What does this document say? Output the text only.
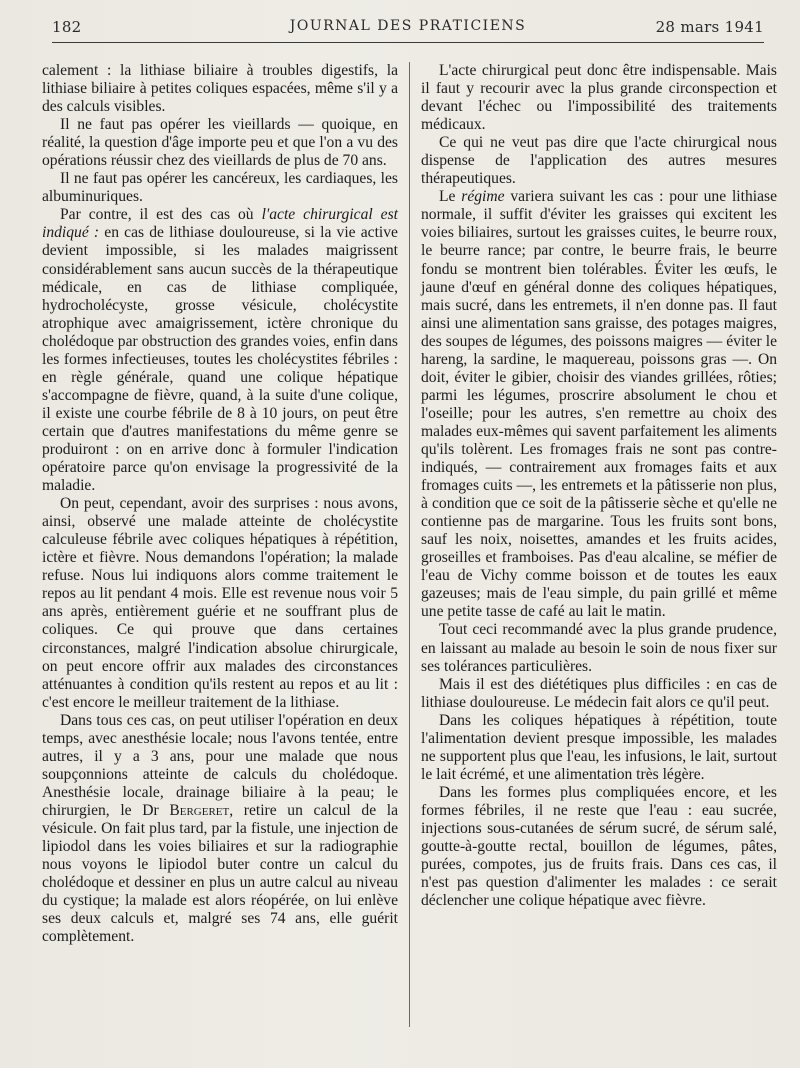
182	JOURNAL DES PRATICIENS	28 mars 1941

calement : la lithiase biliaire à troubles digestifs, la lithiase biliaire à petites coliques espacées, même s'il y a des calculs visibles.

Il ne faut pas opérer les vieillards — quoique, en réalité, la question d'âge importe peu et que l'on a vu des opérations réussir chez des vieillards de plus de 70 ans.

Il ne faut pas opérer les cancéreux, les cardiaques, les albuminuriques.

Par contre, il est des cas où l'acte chirurgical est indiqué : en cas de lithiase douloureuse, si la vie active devient impossible, si les malades maigrissent considérablement sans aucun succès de la thérapeutique médicale, en cas de lithiase compliquée, hydrocholécyste, grosse vésicule, cholécystite atrophique avec amaigrissement, ictère chronique du cholédoque par obstruction des grandes voies, enfin dans les formes infectieuses, toutes les cholécystites fébriles : en règle générale, quand une colique hépatique s'accompagne de fièvre, quand, à la suite d'une colique, il existe une courbe fébrile de 8 à 10 jours, on peut être certain que d'autres manifestations du même genre se produiront : on en arrive donc à formuler l'indication opératoire parce qu'on envisage la progressivité de la maladie.

On peut, cependant, avoir des surprises : nous avons, ainsi, observé une malade atteinte de cholécystite calculeuse fébrile avec coliques hépatiques à répétition, ictère et fièvre. Nous demandons l'opération; la malade refuse. Nous lui indiquons alors comme traitement le repos au lit pendant 4 mois. Elle est revenue nous voir 5 ans après, entièrement guérie et ne souffrant plus de coliques. Ce qui prouve que dans certaines circonstances, malgré l'indication absolue chirurgicale, on peut encore offrir aux malades des circonstances atténuantes à condition qu'ils restent au repos et au lit : c'est encore le meilleur traitement de la lithiase.

Dans tous ces cas, on peut utiliser l'opération en deux temps, avec anesthésie locale; nous l'avons tentée, entre autres, il y a 3 ans, pour une malade que nous soupçonnions atteinte de calculs du cholédoque. Anesthésie locale, drainage biliaire à la peau; le chirurgien, le Dr Bergeret, retire un calcul de la vésicule. On fait plus tard, par la fistule, une injection de lipiodol dans les voies biliaires et sur la radiographie nous voyons le lipiodol buter contre un calcul du cholédoque et dessiner en plus un autre calcul au niveau du cystique; la malade est alors réopérée, on lui enlève ses deux calculs et, malgré ses 74 ans, elle guérit complètement.

L'acte chirurgical peut donc être indispensable. Mais il faut y recourir avec la plus grande circonspection et devant l'échec ou l'impossibilité des traitements médicaux.

Ce qui ne veut pas dire que l'acte chirurgical nous dispense de l'application des autres mesures thérapeutiques.

Le régime variera suivant les cas : pour une lithiase normale, il suffit d'éviter les graisses qui excitent les voies biliaires, surtout les graisses cuites, le beurre roux, le beurre rance; par contre, le beurre frais, le beurre fondu se montrent bien tolérables. Éviter les œufs, le jaune d'œuf en général donne des coliques hépatiques, mais sucré, dans les entremets, il n'en donne pas. Il faut ainsi une alimentation sans graisse, des potages maigres, des soupes de légumes, des poissons maigres — éviter le hareng, la sardine, le maquereau, poissons gras —. On doit, éviter le gibier, choisir des viandes grillées, rôties; parmi les légumes, proscrire absolument le chou et l'oseille; pour les autres, s'en remettre au choix des malades eux-mêmes qui savent parfaitement les aliments qu'ils tolèrent. Les fromages frais ne sont pas contre-indiqués, — contrairement aux fromages faits et aux fromages cuits —, les entremets et la pâtisserie non plus, à condition que ce soit de la pâtisserie sèche et qu'elle ne contienne pas de margarine. Tous les fruits sont bons, sauf les noix, noisettes, amandes et les fruits acides, groseilles et framboises. Pas d'eau alcaline, se méfier de l'eau de Vichy comme boisson et de toutes les eaux gazeuses; mais de l'eau simple, du pain grillé et même une petite tasse de café au lait le matin.

Tout ceci recommandé avec la plus grande prudence, en laissant au malade au besoin le soin de nous fixer sur ses tolérances particulières.

Mais il est des diététiques plus difficiles : en cas de lithiase douloureuse. Le médecin fait alors ce qu'il peut.

Dans les coliques hépatiques à répétition, toute l'alimentation devient presque impossible, les malades ne supportent plus que l'eau, les infusions, le lait, surtout le lait écrémé, et une alimentation très légère.

Dans les formes plus compliquées encore, et les formes fébriles, il ne reste que l'eau : eau sucrée, injections sous-cutanées de sérum sucré, de sérum salé, goutte-à-goutte rectal, bouillon de légumes, pâtes, purées, compotes, jus de fruits frais. Dans ces cas, il n'est pas question d'alimenter les malades : ce serait déclencher une colique hépatique avec fièvre.
